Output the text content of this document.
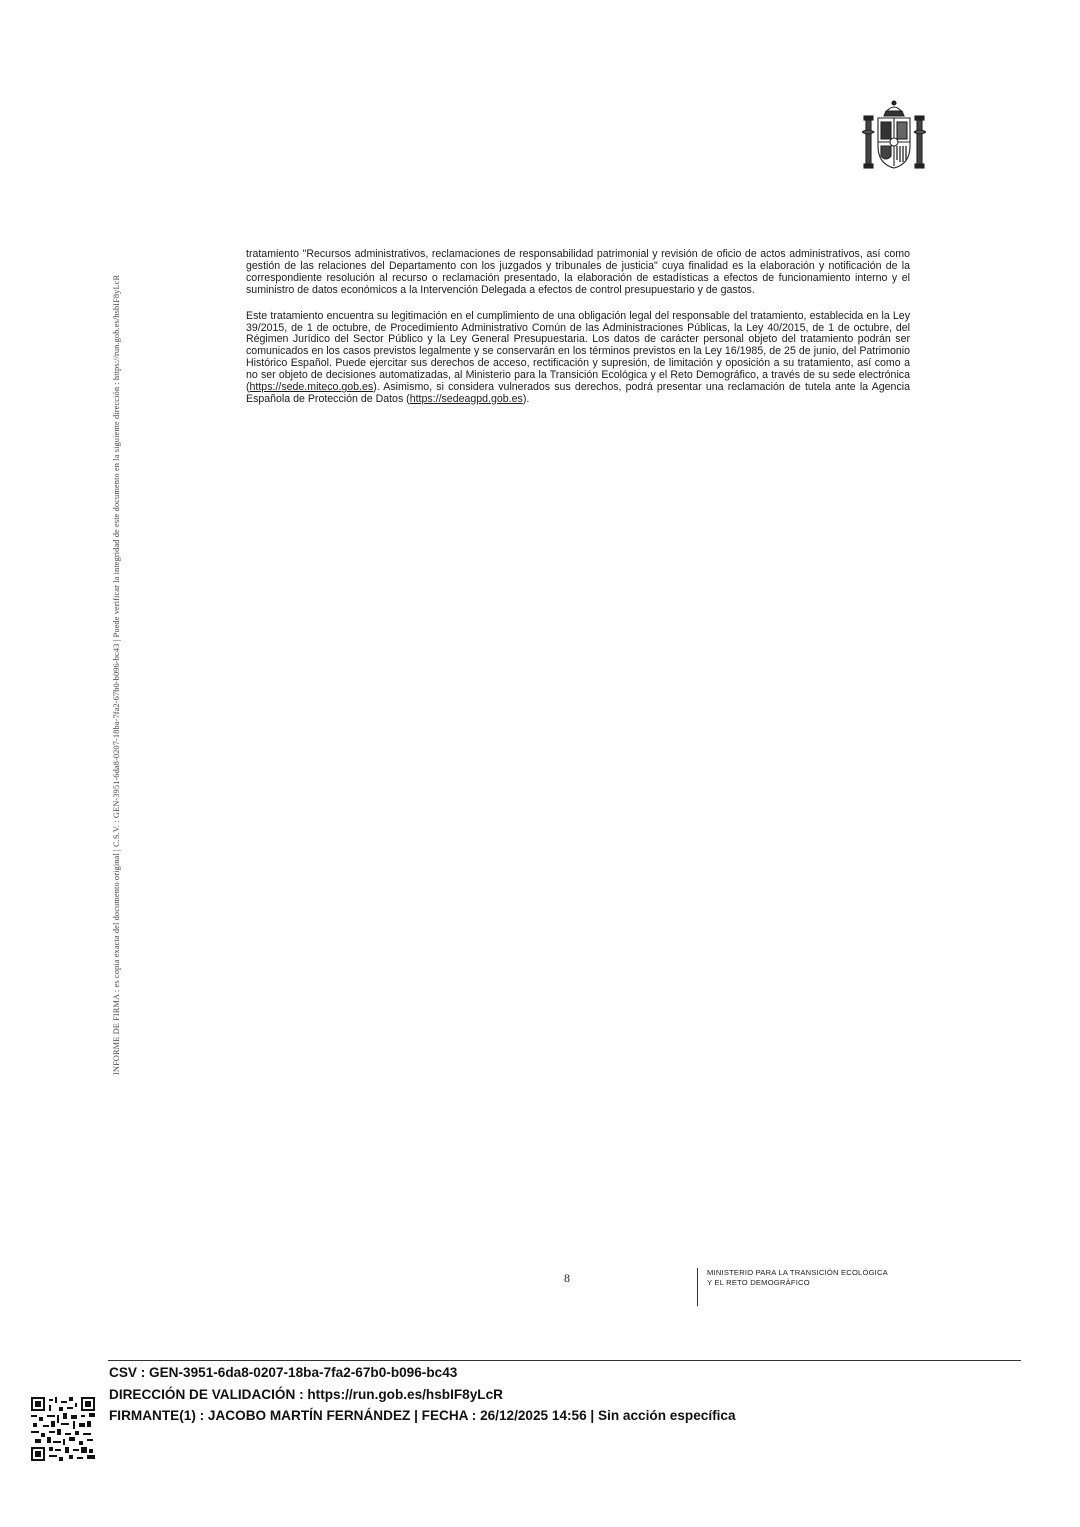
INFORME DE FIRMA : es copia exacta del documento original | C.S.V. : GEN-3951-6da8-0207-18ba-7fa2-67b0-b096-bc43 | Puede verificar la integridad de este documento en la siguiente dirección : https://run.gob.es/hsbIF8yLcR

tratamiento "Recursos administrativos, reclamaciones de responsabilidad patrimonial y revisión de oficio de actos administrativos, así como gestión de las relaciones del Departamento con los juzgados y tribunales de justicia" cuya finalidad es la elaboración y notificación de la correspondiente resolución al recurso o reclamación presentado, la elaboración de estadísticas a efectos de funcionamiento interno y el suministro de datos económicos a la Intervención Delegada a efectos de control presupuestario y de gastos.

Este tratamiento encuentra su legitimación en el cumplimiento de una obligación legal del responsable del tratamiento, establecida en la Ley 39/2015, de 1 de octubre, de Procedimiento Administrativo Común de las Administraciones Públicas, la Ley 40/2015, de 1 de octubre, del Régimen Jurídico del Sector Público y la Ley General Presupuestaria. Los datos de carácter personal objeto del tratamiento podrán ser comunicados en los casos previstos legalmente y se conservarán en los términos previstos en la Ley 16/1985, de 25 de junio, del Patrimonio Histórico Español. Puede ejercitar sus derechos de acceso, rectificación y supresión, de limitación y oposición a su tratamiento, así como a no ser objeto de decisiones automatizadas, al Ministerio para la Transición Ecológica y el Reto Demográfico, a través de su sede electrónica (https://sede.miteco.gob.es). Asimismo, si considera vulnerados sus derechos, podrá presentar una reclamación de tutela ante la Agencia Española de Protección de Datos (https://sedeagpd.gob.es).

8	MINISTERIO PARA LA TRANSICIÓN ECOLÓGICA
Y EL RETO DEMOGRÁFICO
CSV : GEN-3951-6da8-0207-18ba-7fa2-67b0-b096-bc43
DIRECCIÓN DE VALIDACIÓN : https://run.gob.es/hsbIF8yLcR
FIRMANTE(1) : JACOBO MARTÍN FERNÁNDEZ | FECHA : 26/12/2025 14:56 | Sin acción específica
